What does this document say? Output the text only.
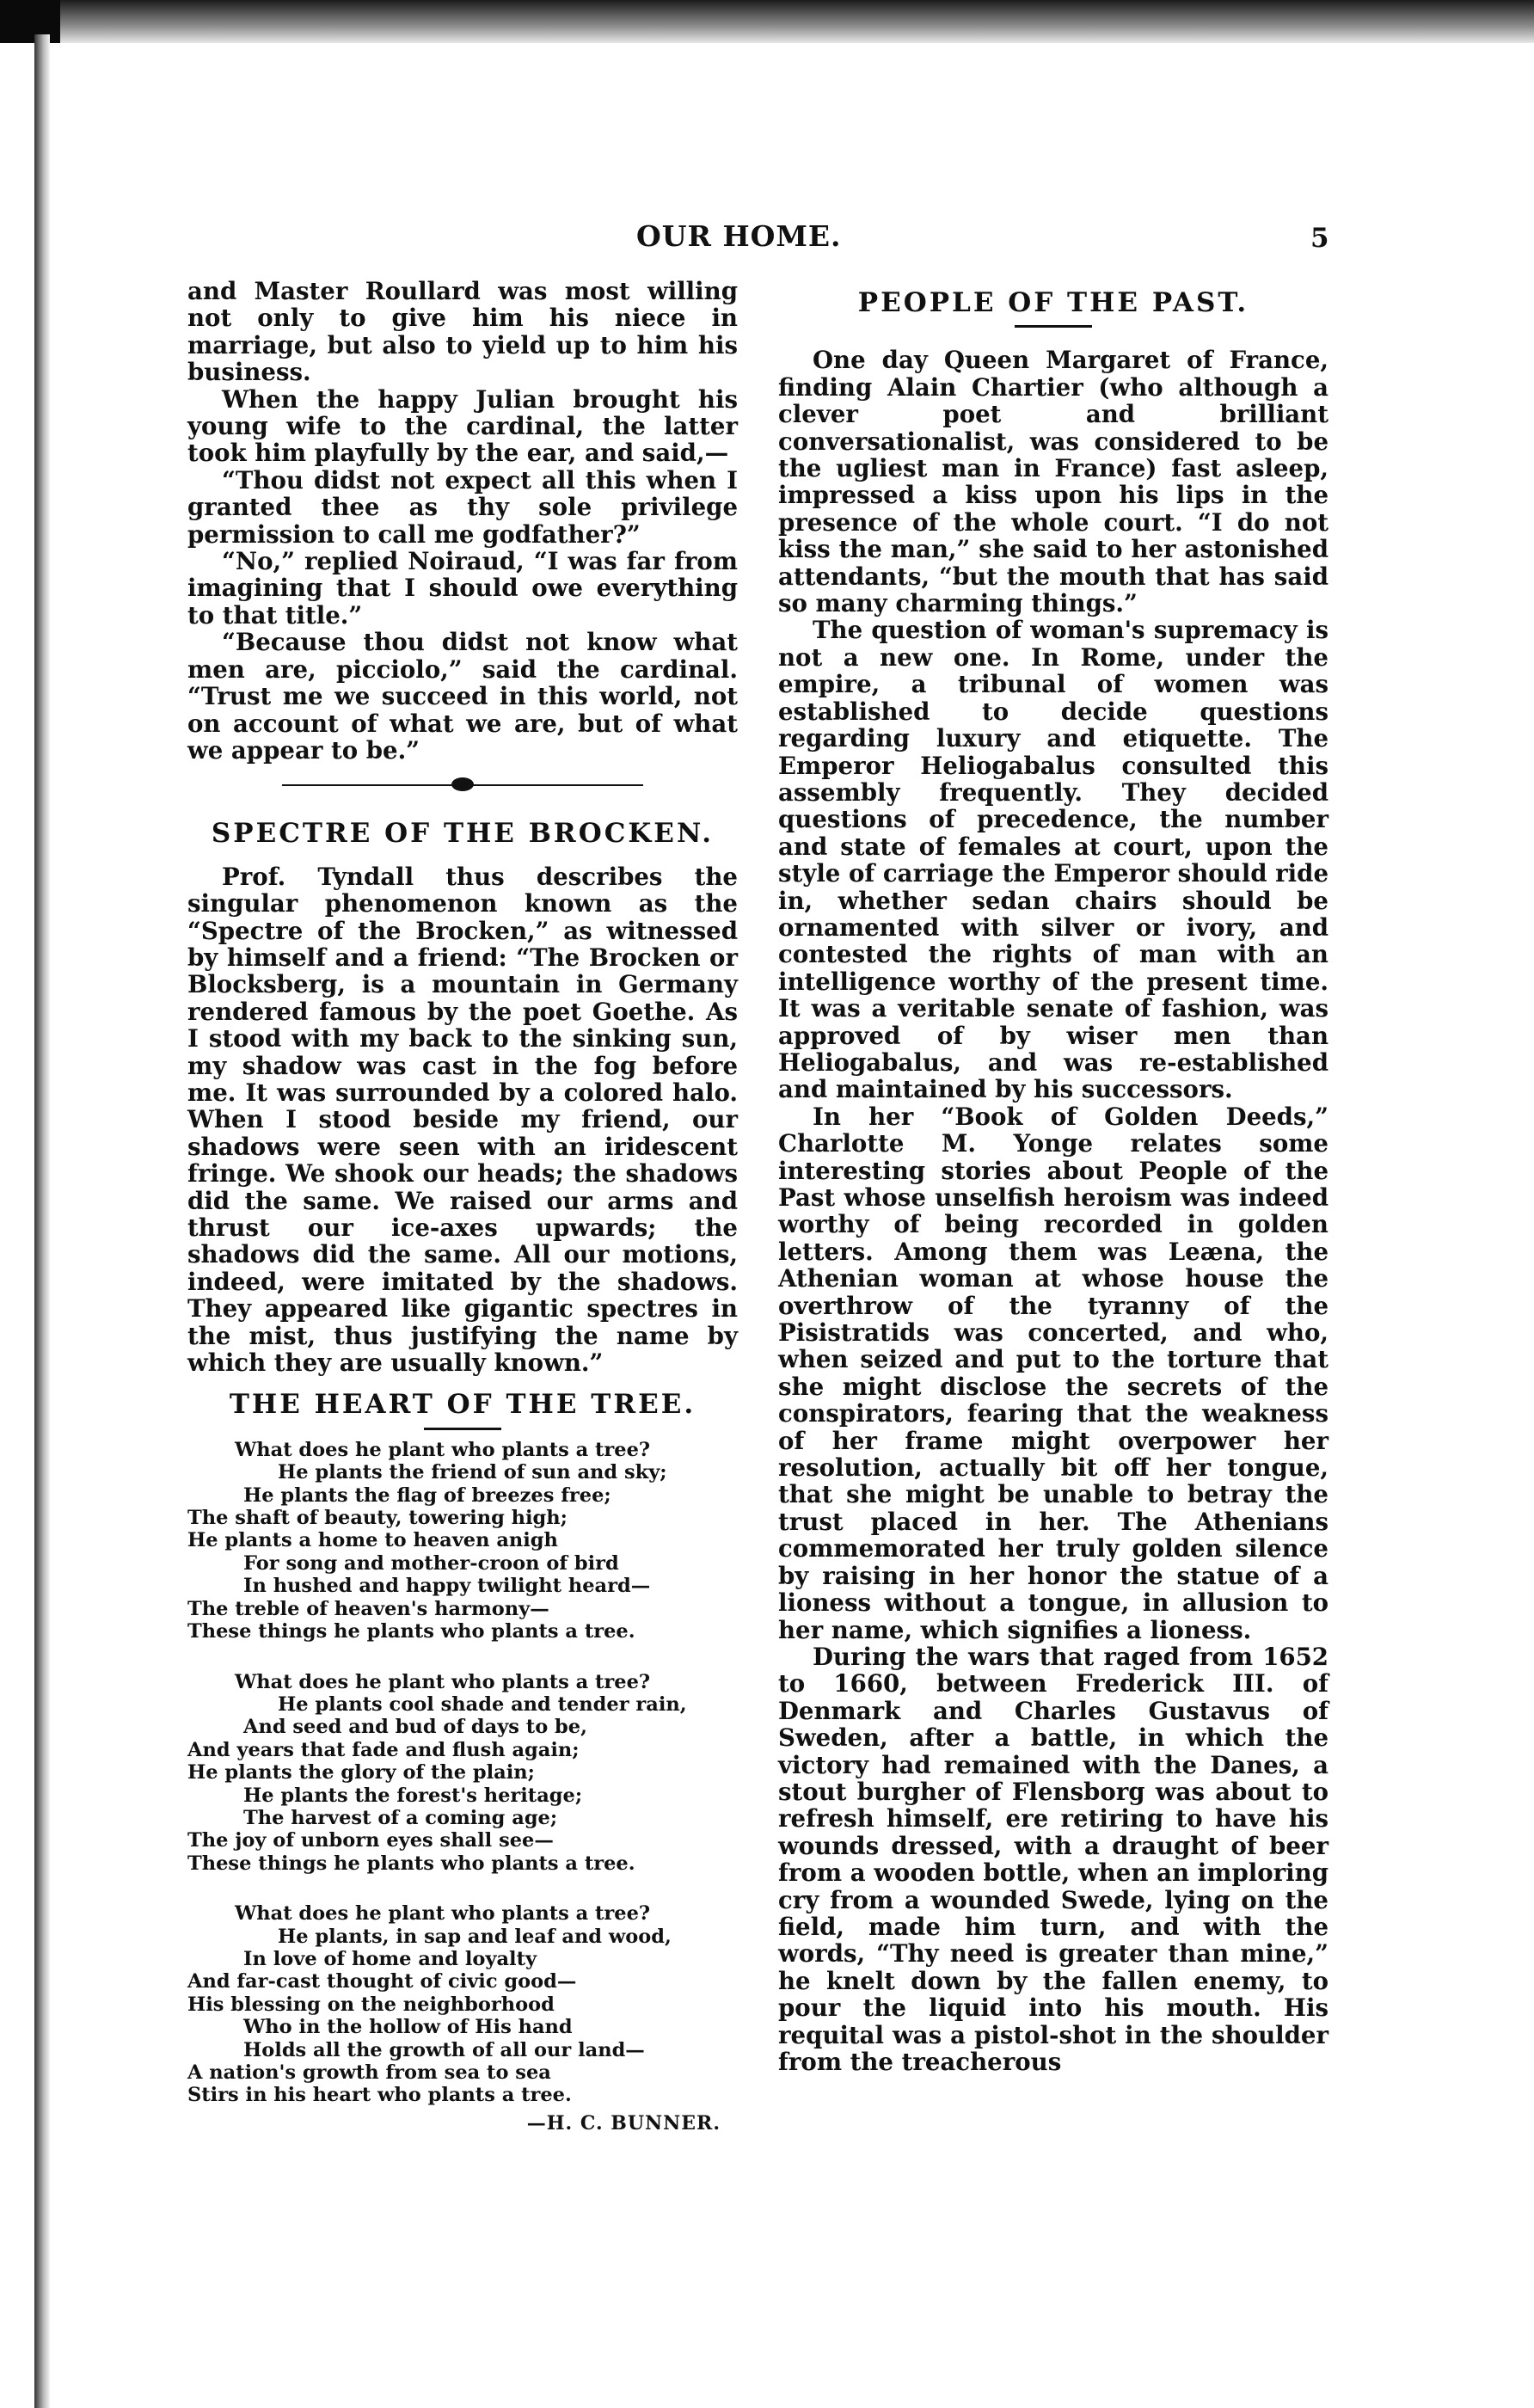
OUR HOME.	5

and Master Roullard was most willing not only to give him his niece in marriage, but also to yield up to him his business.

When the happy Julian brought his young wife to the cardinal, the latter took him playfully by the ear, and said,—

“Thou didst not expect all this when I granted thee as thy sole privilege permission to call me godfather?”

“No,” replied Noiraud, “I was far from imagining that I should owe everything to that title.”

“Because thou didst not know what men are, picciolo,” said the cardinal. “Trust me we succeed in this world, not on account of what we are, but of what we appear to be.”

SPECTRE OF THE BROCKEN.

Prof. Tyndall thus describes the singular phenomenon known as the “Spectre of the Brocken,” as witnessed by himself and a friend: “The Brocken or Blocksberg, is a mountain in Germany rendered famous by the poet Goethe. As I stood with my back to the sinking sun, my shadow was cast in the fog before me. It was surrounded by a colored halo. When I stood beside my friend, our shadows were seen with an iridescent fringe. We shook our heads; the shadows did the same. We raised our arms and thrust our ice-axes upwards; the shadows did the same. All our motions, indeed, were imitated by the shadows. They appeared like gigantic spectres in the mist, thus justifying the name by which they are usually known.”

THE HEART OF THE TREE.
What does he plant who plants a tree?
He plants the friend of sun and sky;
He plants the flag of breezes free;
The shaft of beauty, towering high;
He plants a home to heaven anigh
For song and mother-croon of bird
In hushed and happy twilight heard—
The treble of heaven's harmony—
These things he plants who plants a tree.
What does he plant who plants a tree?
He plants cool shade and tender rain,
And seed and bud of days to be,
And years that fade and flush again;
He plants the glory of the plain;
He plants the forest's heritage;
The harvest of a coming age;
The joy of unborn eyes shall see—
These things he plants who plants a tree.
What does he plant who plants a tree?
He plants, in sap and leaf and wood,
In love of home and loyalty
And far-cast thought of civic good—
His blessing on the neighborhood
Who in the hollow of His hand
Holds all the growth of all our land—
A nation's growth from sea to sea
Stirs in his heart who plants a tree.
—H. C. BUNNER.
PEOPLE OF THE PAST.

One day Queen Margaret of France, finding Alain Chartier (who although a clever poet and brilliant conversationalist, was considered to be the ugliest man in France) fast asleep, impressed a kiss upon his lips in the presence of the whole court. “I do not kiss the man,” she said to her astonished attendants, “but the mouth that has said so many charming things.”

The question of woman's supremacy is not a new one. In Rome, under the empire, a tribunal of women was established to decide questions regarding luxury and etiquette. The Emperor Heliogabalus consulted this assembly frequently. They decided questions of precedence, the number and state of females at court, upon the style of carriage the Emperor should ride in, whether sedan chairs should be ornamented with silver or ivory, and contested the rights of man with an intelligence worthy of the present time. It was a veritable senate of fashion, was approved of by wiser men than Heliogabalus, and was re-established and maintained by his successors.

In her “Book of Golden Deeds,” Charlotte M. Yonge relates some interesting stories about People of the Past whose unselfish heroism was indeed worthy of being recorded in golden letters. Among them was Leæna, the Athenian woman at whose house the overthrow of the tyranny of the Pisistratids was concerted, and who, when seized and put to the torture that she might disclose the secrets of the conspirators, fearing that the weakness of her frame might overpower her resolution, actually bit off her tongue, that she might be unable to betray the trust placed in her. The Athenians commemorated her truly golden silence by raising in her honor the statue of a lioness without a tongue, in allusion to her name, which signifies a lioness.

During the wars that raged from 1652 to 1660, between Frederick III. of Denmark and Charles Gustavus of Sweden, after a battle, in which the victory had remained with the Danes, a stout burgher of Flensborg was about to refresh himself, ere retiring to have his wounds dressed, with a draught of beer from a wooden bottle, when an imploring cry from a wounded Swede, lying on the field, made him turn, and with the words, “Thy need is greater than mine,” he knelt down by the fallen enemy, to pour the liquid into his mouth. His requital was a pistol-shot in the shoulder from the treacherous
